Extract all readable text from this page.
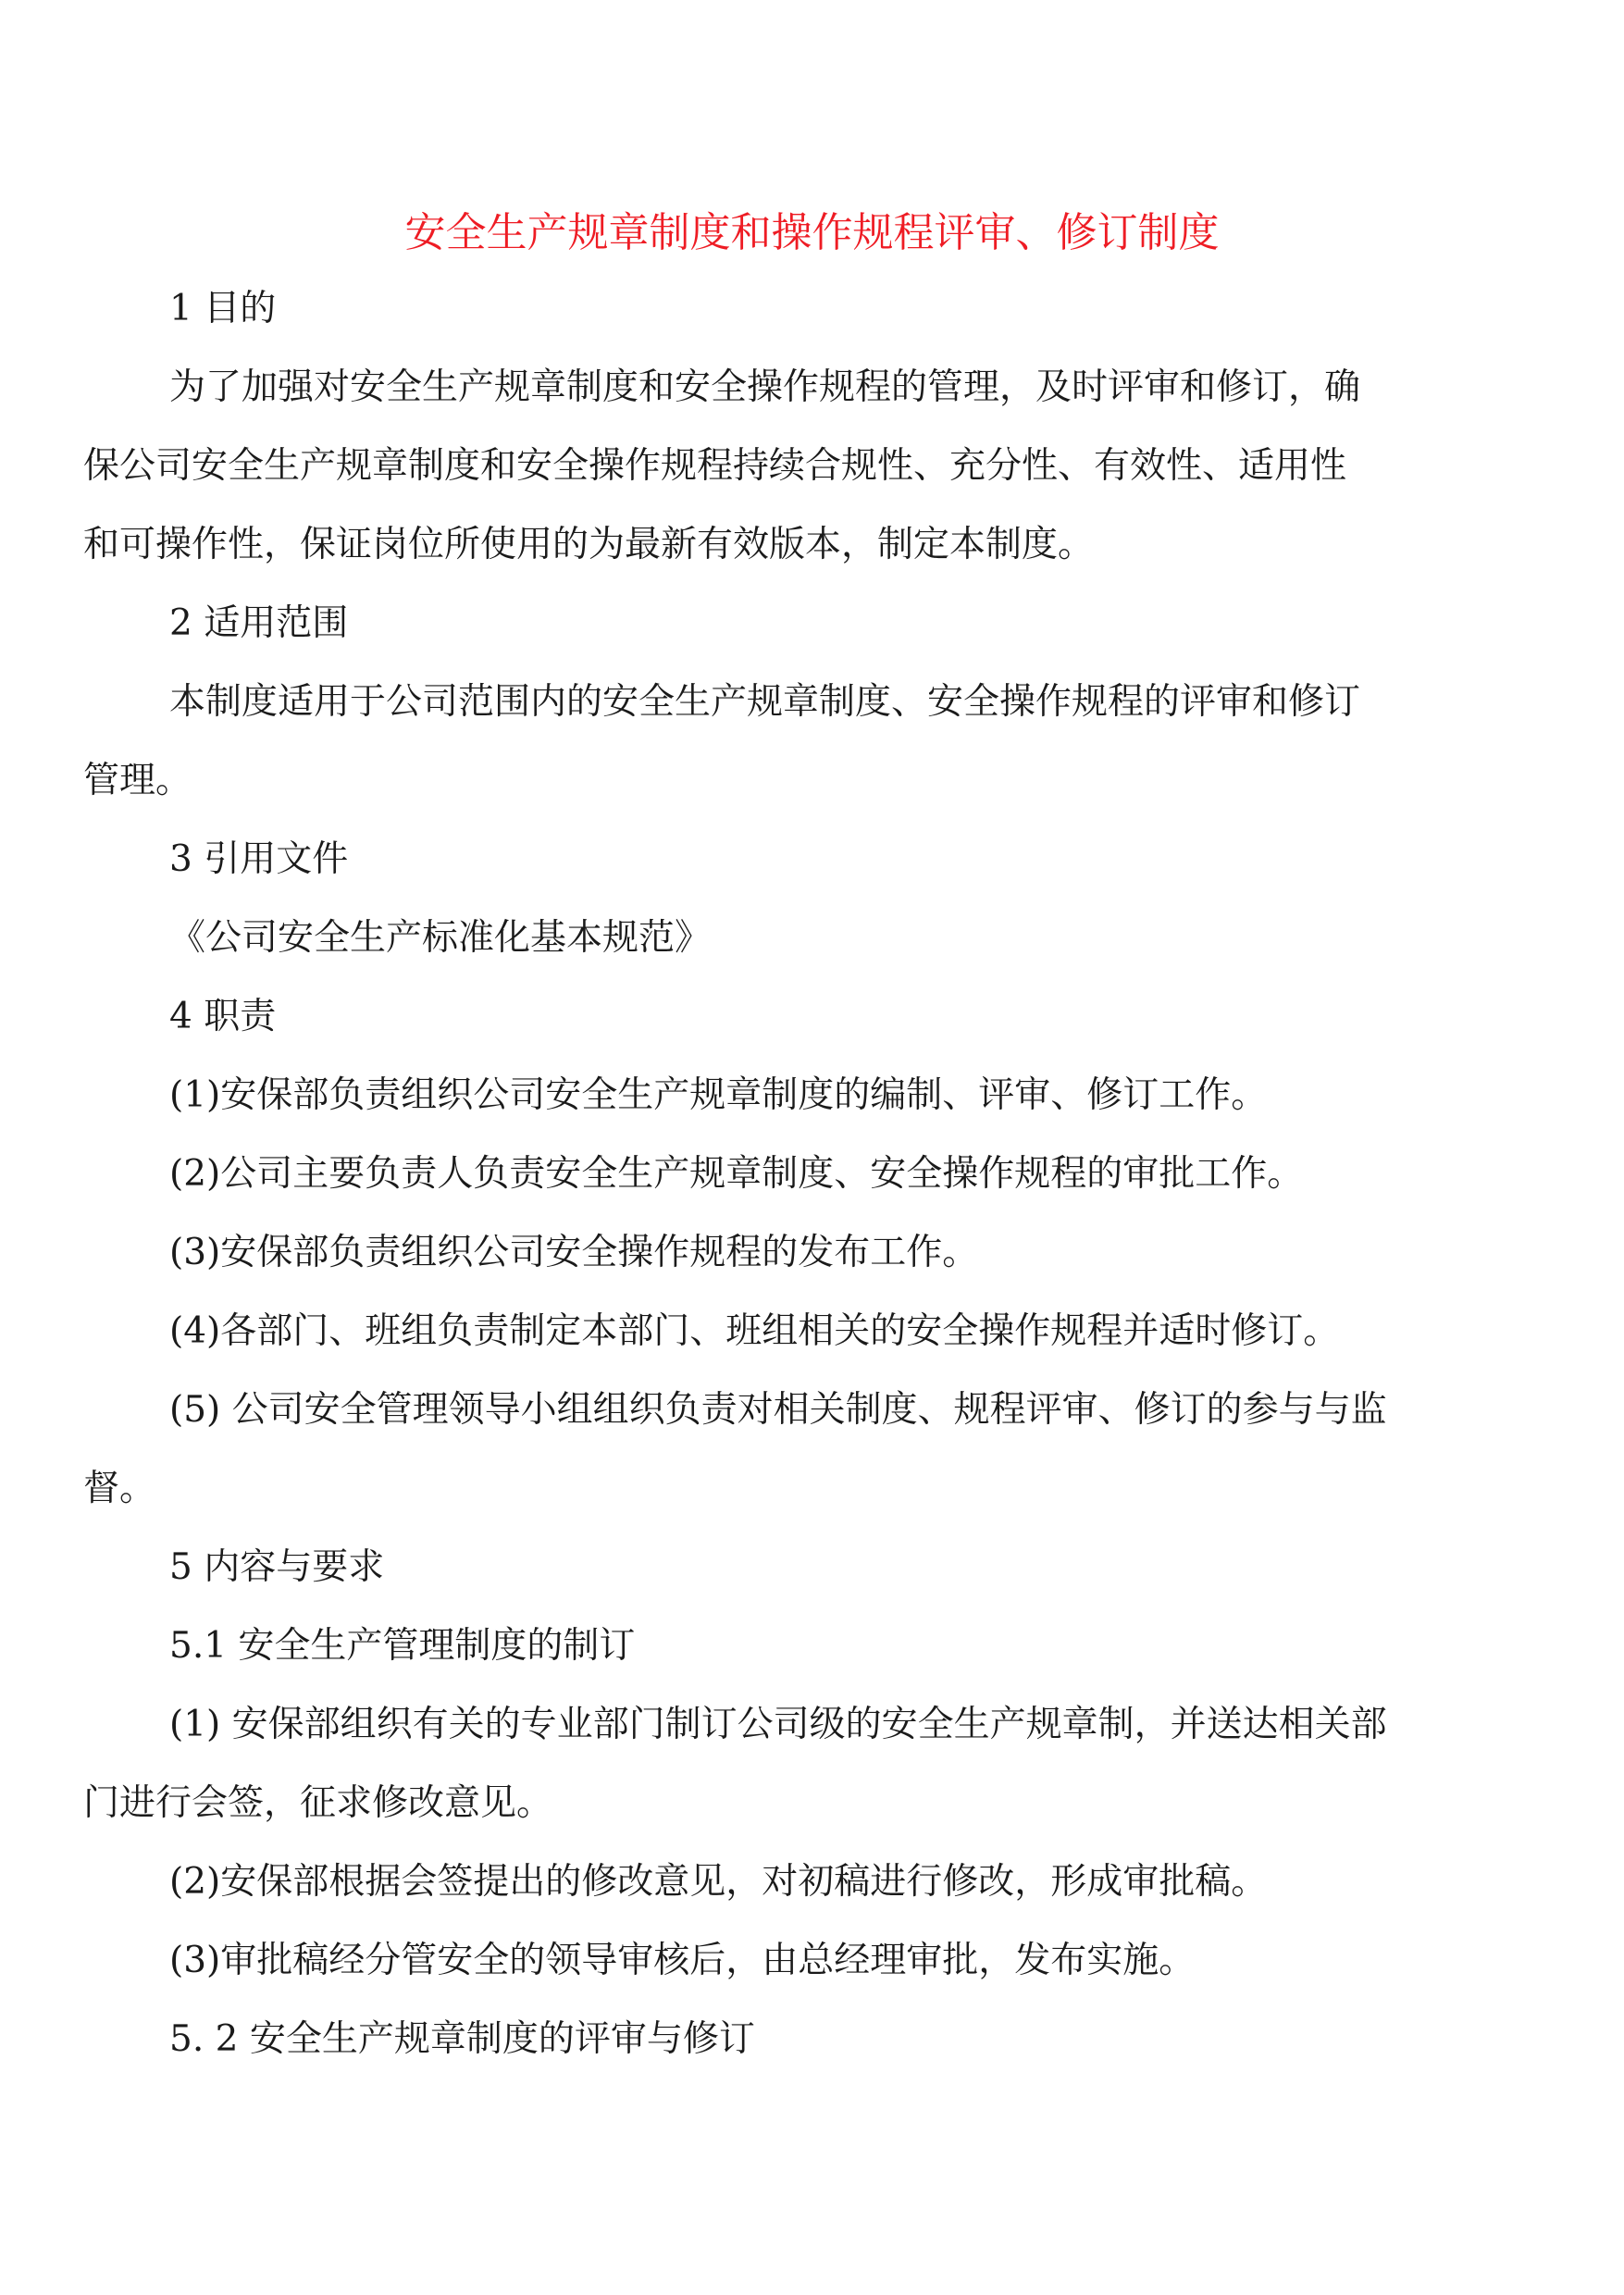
安全生产规章制度和操作规程评审、修订制度
1 目的
为了加强对安全生产规章制度和安全操作规程的管理，及时评审和修订，确
保公司安全生产规章制度和安全操作规程持续合规性、充分性、有效性、适用性
和可操作性，保证岗位所使用的为最新有效版本，制定本制度。
2 适用范围
本制度适用于公司范围内的安全生产规章制度、安全操作规程的评审和修订
管理。
3 引用文件
《公司安全生产标准化基本规范》
4 职责
(1)安保部负责组织公司安全生产规章制度的编制、评审、修订工作。
(2)公司主要负责人负责安全生产规章制度、安全操作规程的审批工作。
(3)安保部负责组织公司安全操作规程的发布工作。
(4)各部门、班组负责制定本部门、班组相关的安全操作规程并适时修订。
(5) 公司安全管理领导小组组织负责对相关制度、规程评审、修订的参与与监
督。
5 内容与要求
5.1 安全生产管理制度的制订
(1) 安保部组织有关的专业部门制订公司级的安全生产规章制，并送达相关部
门进行会签，征求修改意见。
(2)安保部根据会签提出的修改意见，对初稿进行修改，形成审批稿。
(3)审批稿经分管安全的领导审核后，由总经理审批，发布实施。
5. 2 安全生产规章制度的评审与修订
